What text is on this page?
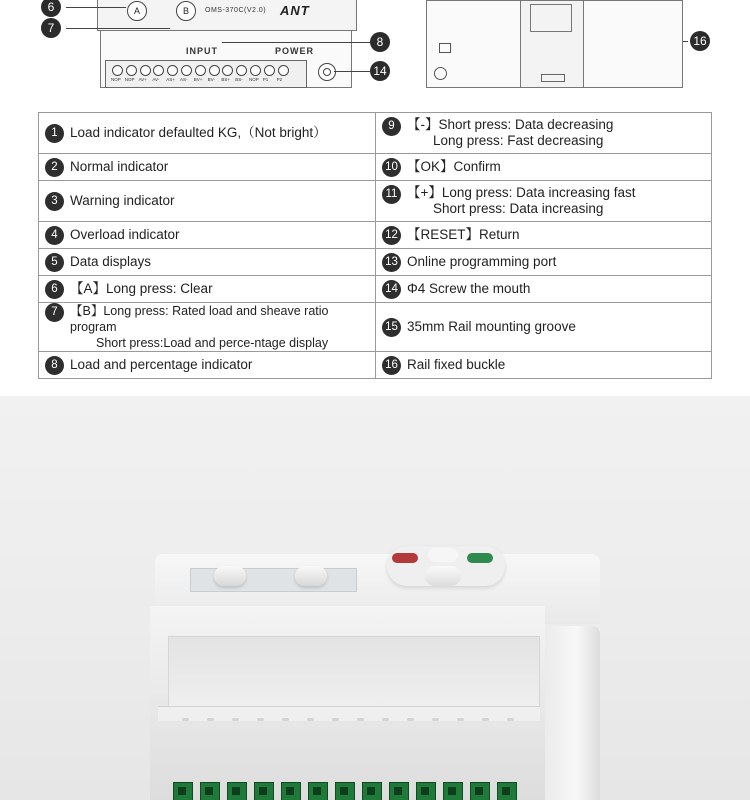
A	B	OMS-370C(V2.0) ANT
INPUT	POWER
NOP NOP AV+ AV- AS+ AS- BV+ BV- BS+ BS- NOP P1 P2
6
7
8
14
16
1 Load indicator defaulted KG,（Not bright）	9 【-】Short press: Data decreasing
Long press: Fast decreasing

2 Normal indicator	10 【OK】Confirm

3 Warning indicator	11 【+】Long press: Data increasing fast
Short press: Data increasing

4 Overload indicator	12 【RESET】Return

5 Data displays	13 Online programming port

6 【A】Long press: Clear	14 Φ4 Screw the mouth

7 【B】Long press: Rated load and sheave ratio program
Short press:Load and perce-ntage display	15 35mm Rail mounting groove

8 Load and percentage indicator	16 Rail fixed buckle
